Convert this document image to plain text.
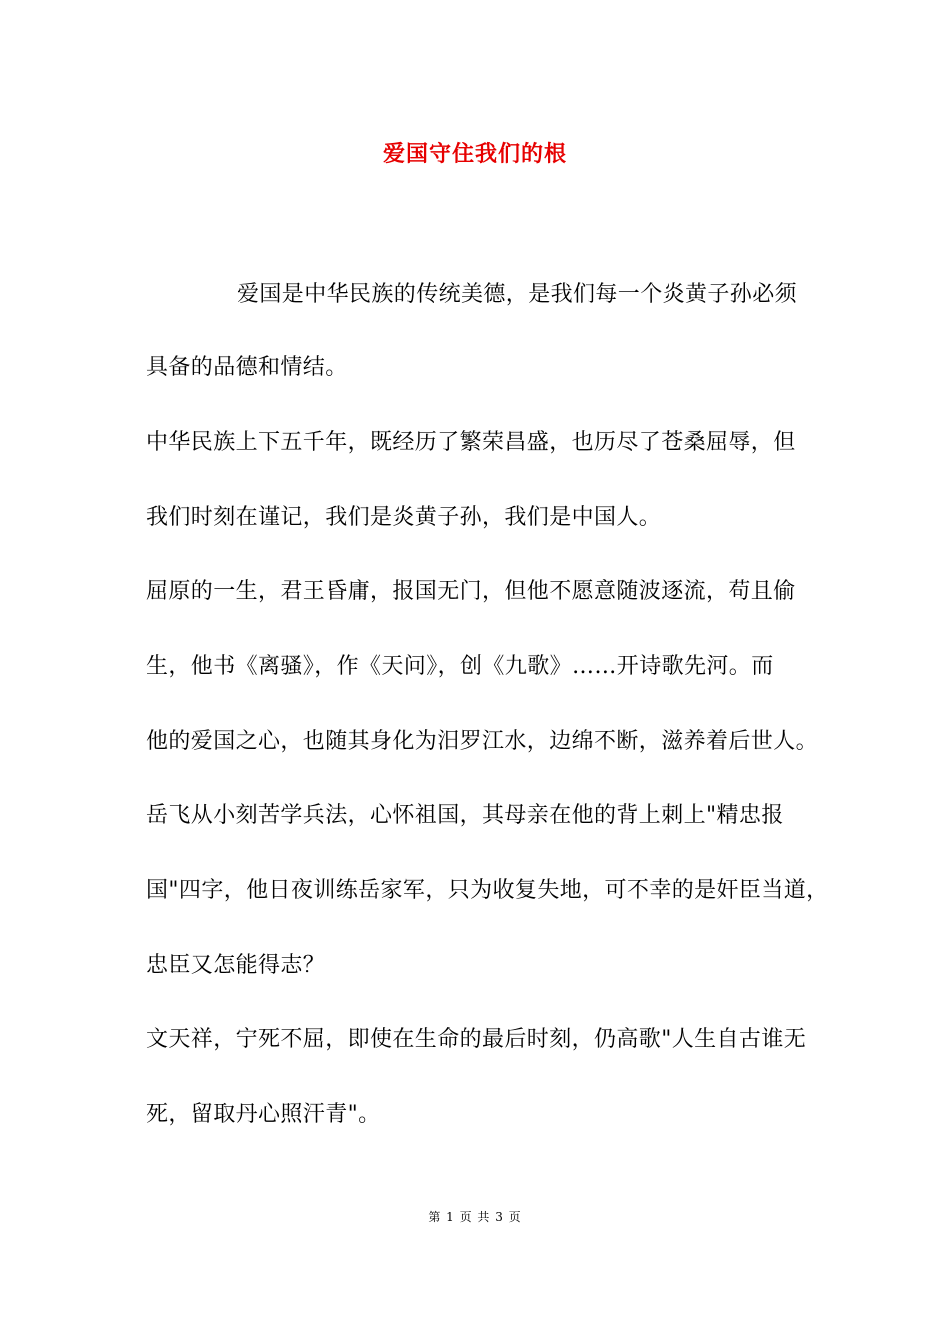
爱国守住我们的根
爱国是中华民族的传统美德，是我们每一个炎黄子孙必须
具备的品德和情结。
中华民族上下五千年，既经历了繁荣昌盛，也历尽了苍桑屈辱，但
我们时刻在谨记，我们是炎黄子孙，我们是中国人。
屈原的一生，君王昏庸，报国无门，但他不愿意随波逐流，苟且偷
生，他书《离骚》，作《天问》，创《九歌》……开诗歌先河。而
他的爱国之心，也随其身化为汨罗江水，边绵不断，滋养着后世人。
岳飞从小刻苦学兵法，心怀祖国，其母亲在他的背上刺上"精忠报
国"四字，他日夜训练岳家军，只为收复失地，可不幸的是奸臣当道，
忠臣又怎能得志？
文天祥，宁死不屈，即使在生命的最后时刻，仍高歌"人生自古谁无
死，留取丹心照汗青"。
第 1 页 共 3 页
